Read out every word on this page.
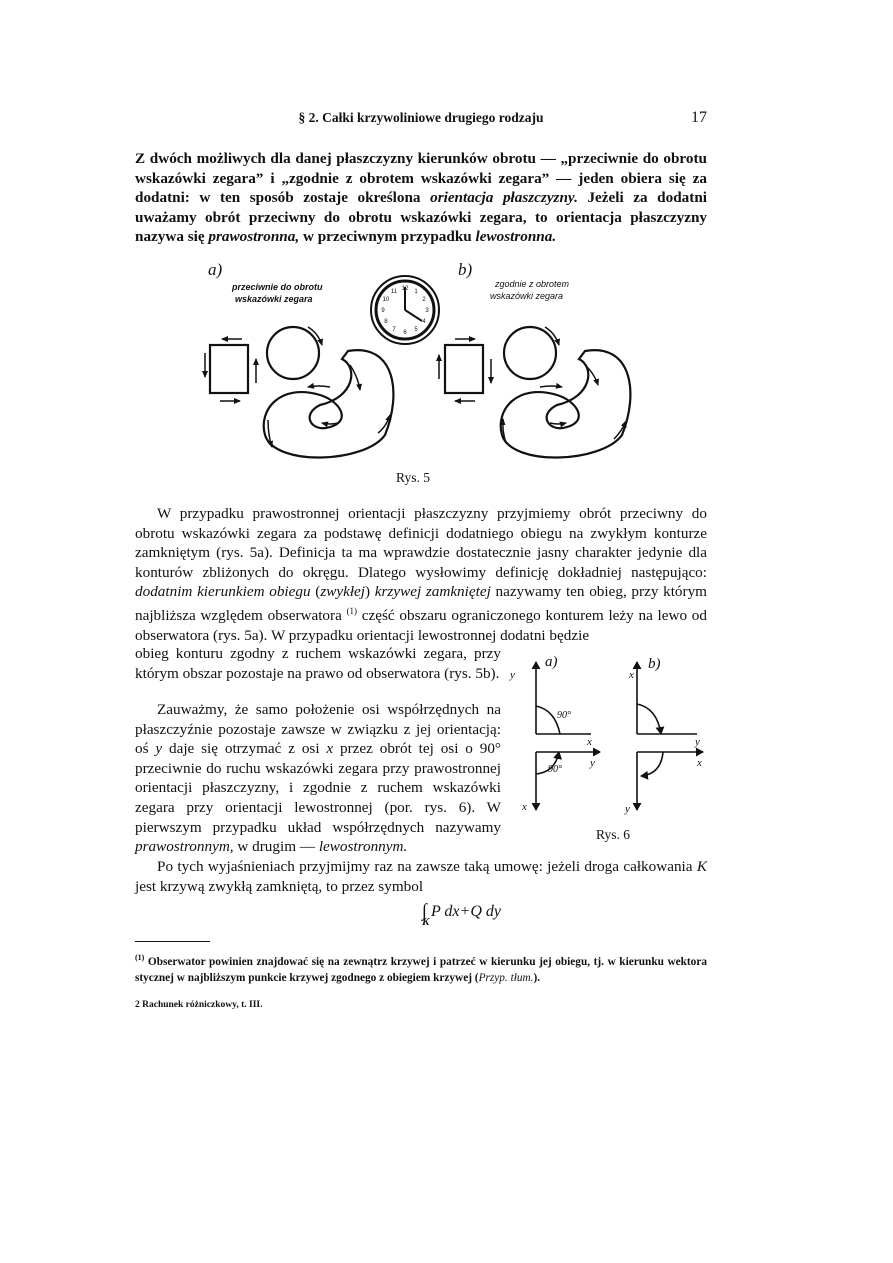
§ 2. Całki krzywoliniowe drugiego rodzaju	17

Z dwóch możliwych dla danej płaszczyzny kierunków obrotu — „przeciwnie do obrotu wskazówki zegara” i „zgodnie z obrotem wskazówki zegara” — jeden obiera się za dodatni: w ten sposób zostaje określona orientacja płaszczyzny. Jeżeli za dodatni uważamy obrót przeciwny do obrotu wskazówki zegara, to orientacja płaszczyzny nazywa się prawostronna, w przeciwnym przypadku lewostronna.

a)	b)
przeciwnie do obrotu
wskazówki zegara
zgodnie z obrotem
wskazówki zegara
12 1
2
3
4
5
6
7
8
9
10
11
Rys. 5

W przypadku prawostronnej orientacji płaszczyzny przyjmiemy obrót przeciwny do obrotu wskazówki zegara za podstawę definicji dodatniego obiegu na zwykłym konturze zamkniętym (rys. 5a). Definicja ta ma wprawdzie dostatecznie jasny charakter jedynie dla konturów zbliżonych do okręgu. Dlatego wysłowimy definicję dokładniej następująco: dodatnim kierunkiem obiegu (zwykłej) krzywej zamkniętej nazywamy ten obieg, przy którym najbliższa względem obserwatora $^{(1)}$ część obszaru ograniczonego konturem leży na lewo od obserwatora (rys. 5a). W przypadku orientacji lewostronnej dodatni będzie

obieg konturu zgodny z ruchem wskazówki zegara, przy którym obszar pozostaje na prawo od obserwatora (rys. 5b).

Zauważmy, że samo położenie osi współrzędnych na płaszczyźnie pozostaje zawsze w związku z jej orientacją: oś y daje się otrzymać z osi x przez obrót tej osi o 90° przeciwnie do ruchu wskazówki zegara przy prawostronnej orientacji płaszczyzny, i zgodnie z ruchem wskazówki zegara przy orientacji lewostronnej (por. rys. 6). W pierwszym przypadku układ współrzędnych nazywamy prawostronnym, w drugim — lewostronnym.

a)
y
x
90°
x
y
90°
b)
x
y
y
x
Rys. 6

Po tych wyjaśnieniach przyjmijmy raz na zawsze taką umowę: jeżeli droga całkowania K jest krzywą zwykłą zamkniętą, to przez symbol

∫ P dx+Q dy
K
$^{(1)}$ Obserwator powinien znajdować się na zewnątrz krzywej i patrzeć w kierunku jej obiegu, tj. w kierunku wektora stycznej w najbliższym punkcie krzywej zgodnego z obiegiem krzywej (Przyp. tłum.).
2 Rachunek różniczkowy, t. III.
